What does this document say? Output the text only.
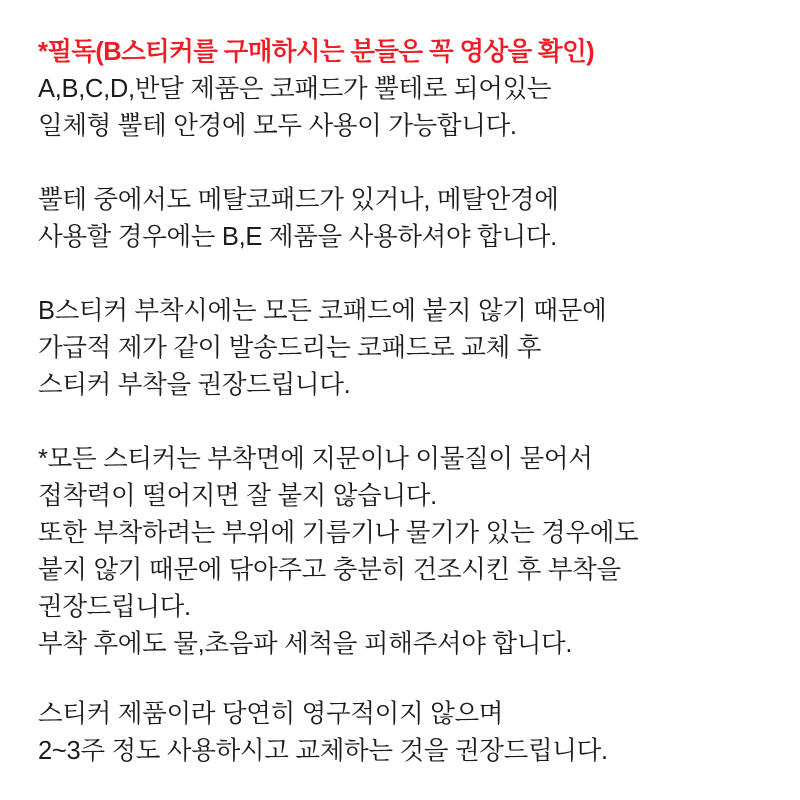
*필독(B스티커를 구매하시는 분들은 꼭 영상을 확인)
A,B,C,D,반달 제품은 코패드가 뿔테로 되어있는
일체형 뿔테 안경에 모두 사용이 가능합니다.
뿔테 중에서도 메탈코패드가 있거나, 메탈안경에
사용할 경우에는 B,E 제품을 사용하셔야 합니다.
B스티커 부착시에는 모든 코패드에 붙지 않기 때문에
가급적 제가 같이 발송드리는 코패드로 교체 후
스티커 부착을 권장드립니다.
*모든 스티커는 부착면에 지문이나 이물질이 묻어서
접착력이 떨어지면 잘 붙지 않습니다.
또한 부착하려는 부위에 기름기나 물기가 있는 경우에도
붙지 않기 때문에 닦아주고 충분히 건조시킨 후 부착을
권장드립니다.
부착 후에도 물,초음파 세척을 피해주셔야 합니다.
스티커 제품이라 당연히 영구적이지 않으며
2~3주 정도 사용하시고 교체하는 것을 권장드립니다.
